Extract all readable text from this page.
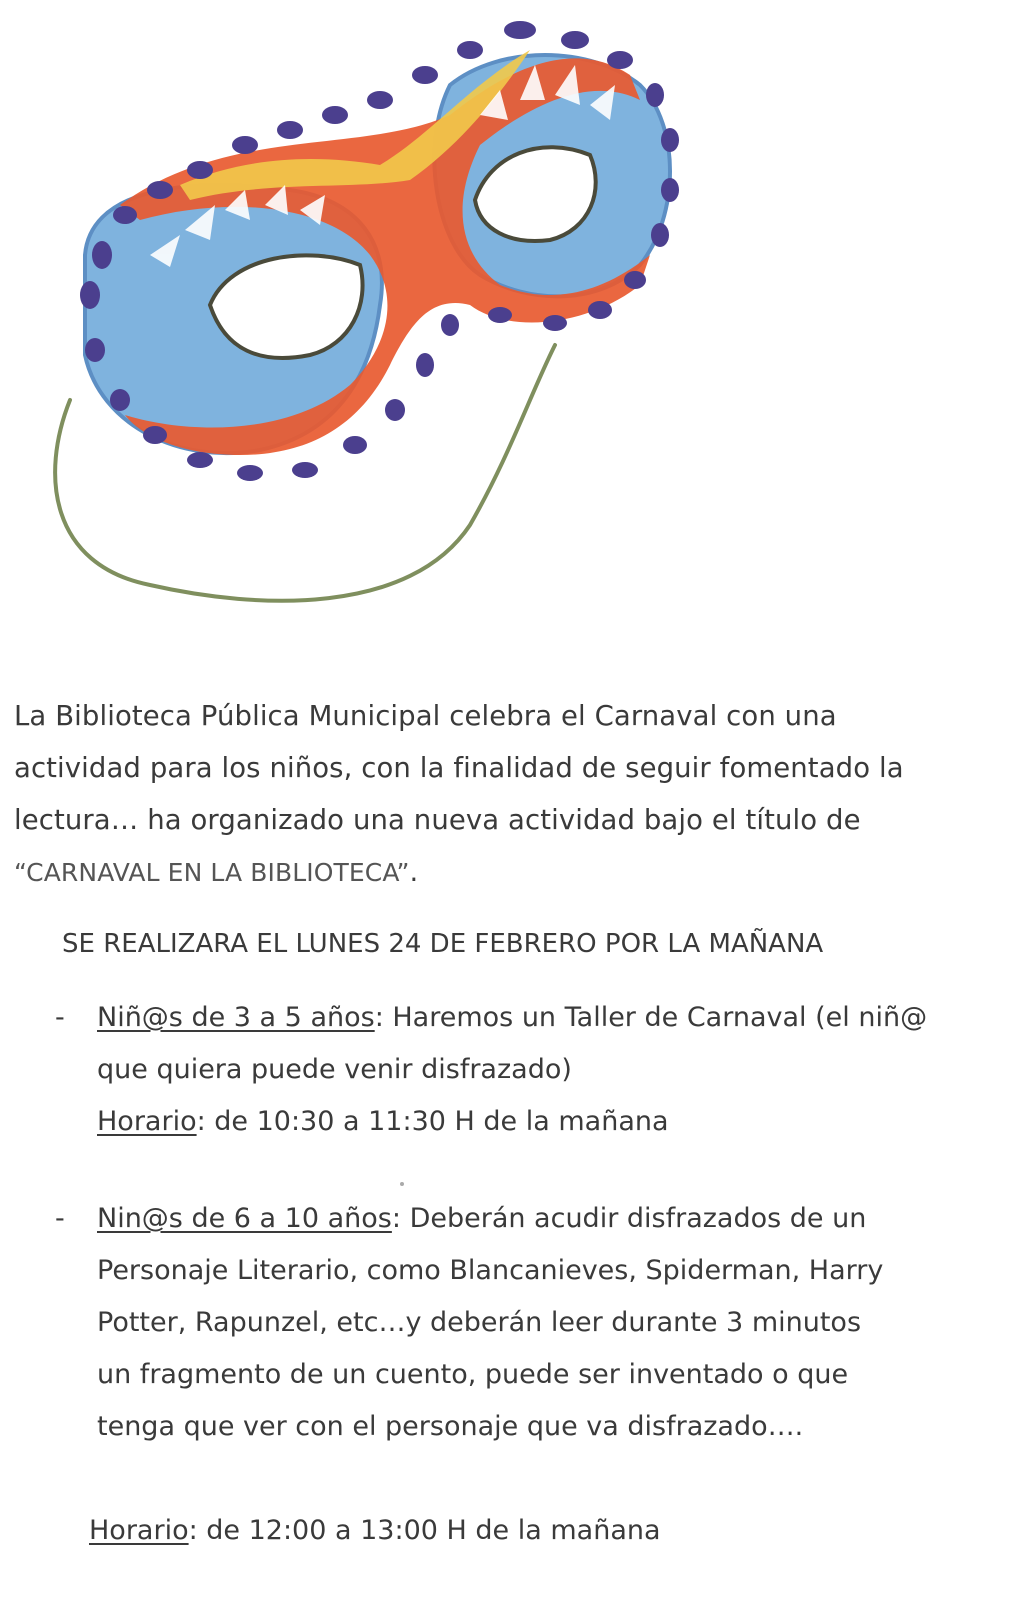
La Biblioteca Pública Municipal celebra el Carnaval con una
actividad para los niños, con la finalidad de seguir fomentado la
lectura… ha organizado una nueva actividad bajo el título de
“CARNAVAL EN LA BIBLIOTECA”.

SE REALIZARA EL LUNES 24 DE FEBRERO POR LA MAÑANA

- Niñ@s de 3 a 5 años: Haremos un Taller de Carnaval (el niñ@
que quiera puede venir disfrazado)
Horario: de 10:30 a 11:30 H de la mañana
- Nin@s de 6 a 10 años: Deberán acudir disfrazados de un
Personaje Literario, como Blancanieves, Spiderman, Harry
Potter, Rapunzel, etc…y deberán leer durante 3 minutos
un fragmento de un cuento, puede ser inventado o que
tenga que ver con el personaje que va disfrazado….

Horario: de 12:00 a 13:00 H de la mañana
